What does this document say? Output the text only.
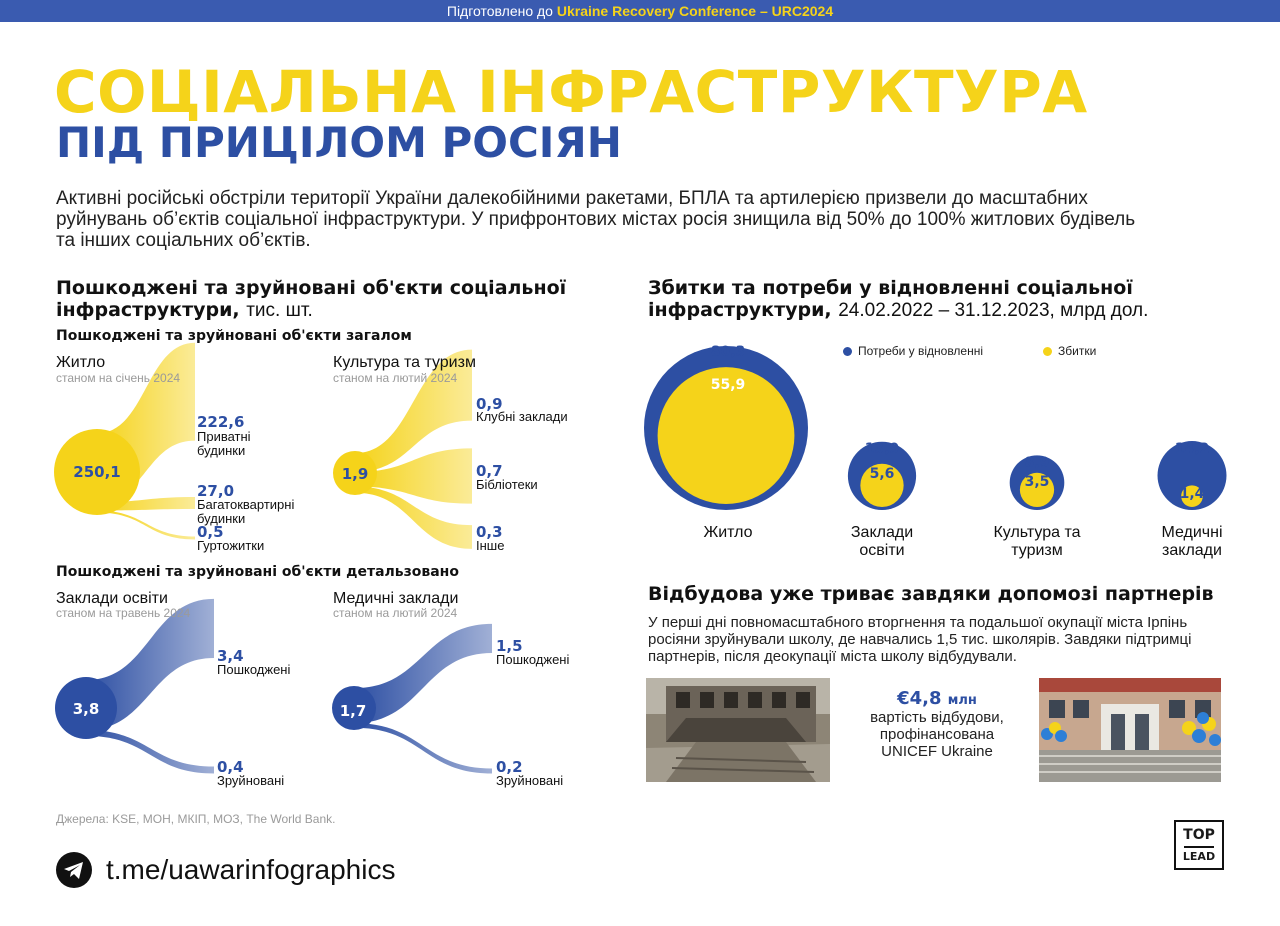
Підготовлено до Ukraine Recovery Conference – URC2024
СОЦІАЛЬНА ІНФРАСТРУКТУРА
ПІД ПРИЦІЛОМ РОСІЯН
Активні російські обстріли території України далекобійними ракетами, БПЛА та артилерією призвели до масштабних руйнувань об’єктів соціальної інфраструктури. У прифронтових містах росія знищила від 50% до 100% житлових будівель та інших соціальних об’єктів.
Пошкоджені та зруйновані об'єкти соціальної інфраструктури, тис. шт.
Пошкоджені та зруйновані об'єкти загалом
Пошкоджені та зруйновані об'єкти детальзовано
Житло
станом на січень 2024
250,1
222,6
Приватні будинки
27,0
Багатоквартирні будинки
0,5
Гуртожитки
Культура та туризм
станом на лютий 2024
1,9
0,9
Клубні заклади
0,7
Бібліотеки
0,3
Інше
Заклади освіти
станом на травень 2024
3,8
3,4
Пошкоджені
0,4
Зруйновані
Медичні заклади
станом на лютий 2024
1,7
1,5
Пошкоджені
0,2
Зруйновані
Збитки та потреби у відновленні соціальної інфраструктури, 24.02.2022 – 31.12.2023, млрд дол.
Потреби у відновленні	Збитки
80,3
55,9
Житло
13,9
5,6
Заклади освіти
8,9
3,5
Культура та туризм
14,2
1,4
Медичні заклади
Відбудова уже триває завдяки допомозі партнерів
У перші дні повномасштабного вторгнення та подальшої окупації міста Ірпінь росіяни зруйнували школу, де навчались 1,5 тис. школярів. Завдяки підтримці партнерів, після деокупації міста школу відбудували.
€4,8 млн
вартість відбудови, профінансована UNICEF Ukraine
Джерела: KSE, МОН, МКІП, МОЗ, The World Bank.
t.me/uawarinfographics
TOP
LEAD
